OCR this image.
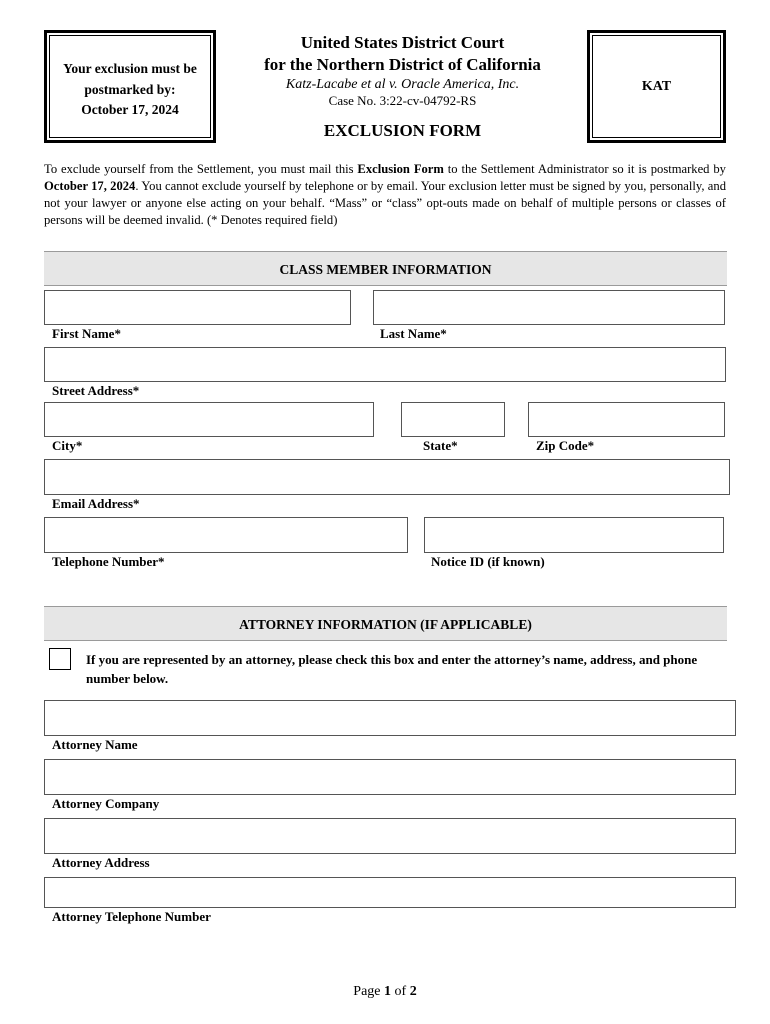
Your exclusion must be
postmarked by:
October 17, 2024
United States District Court
for the Northern District of California
Katz-Lacabe et al v. Oracle America, Inc.
Case No. 3:22-cv-04792-RS
EXCLUSION FORM
KAT
To exclude yourself from the Settlement, you must mail this Exclusion Form to the Settlement Administrator so it is postmarked by October 17, 2024. You cannot exclude yourself by telephone or by email. Your exclusion letter must be signed by you, personally, and not your lawyer or anyone else acting on your behalf. “Mass” or “class” opt-outs made on behalf of multiple persons or classes of persons will be deemed invalid. (* Denotes required field)
CLASS MEMBER INFORMATION
First Name*	Last Name*
Street Address*
City*	State*	Zip Code*
Email Address*
Telephone Number*	Notice ID (if known)
ATTORNEY INFORMATION (IF APPLICABLE)
If you are represented by an attorney, please check this box and enter the attorney’s name, address, and phone number below.
Attorney Name
Attorney Company
Attorney Address
Attorney Telephone Number
Page 1 of 2
